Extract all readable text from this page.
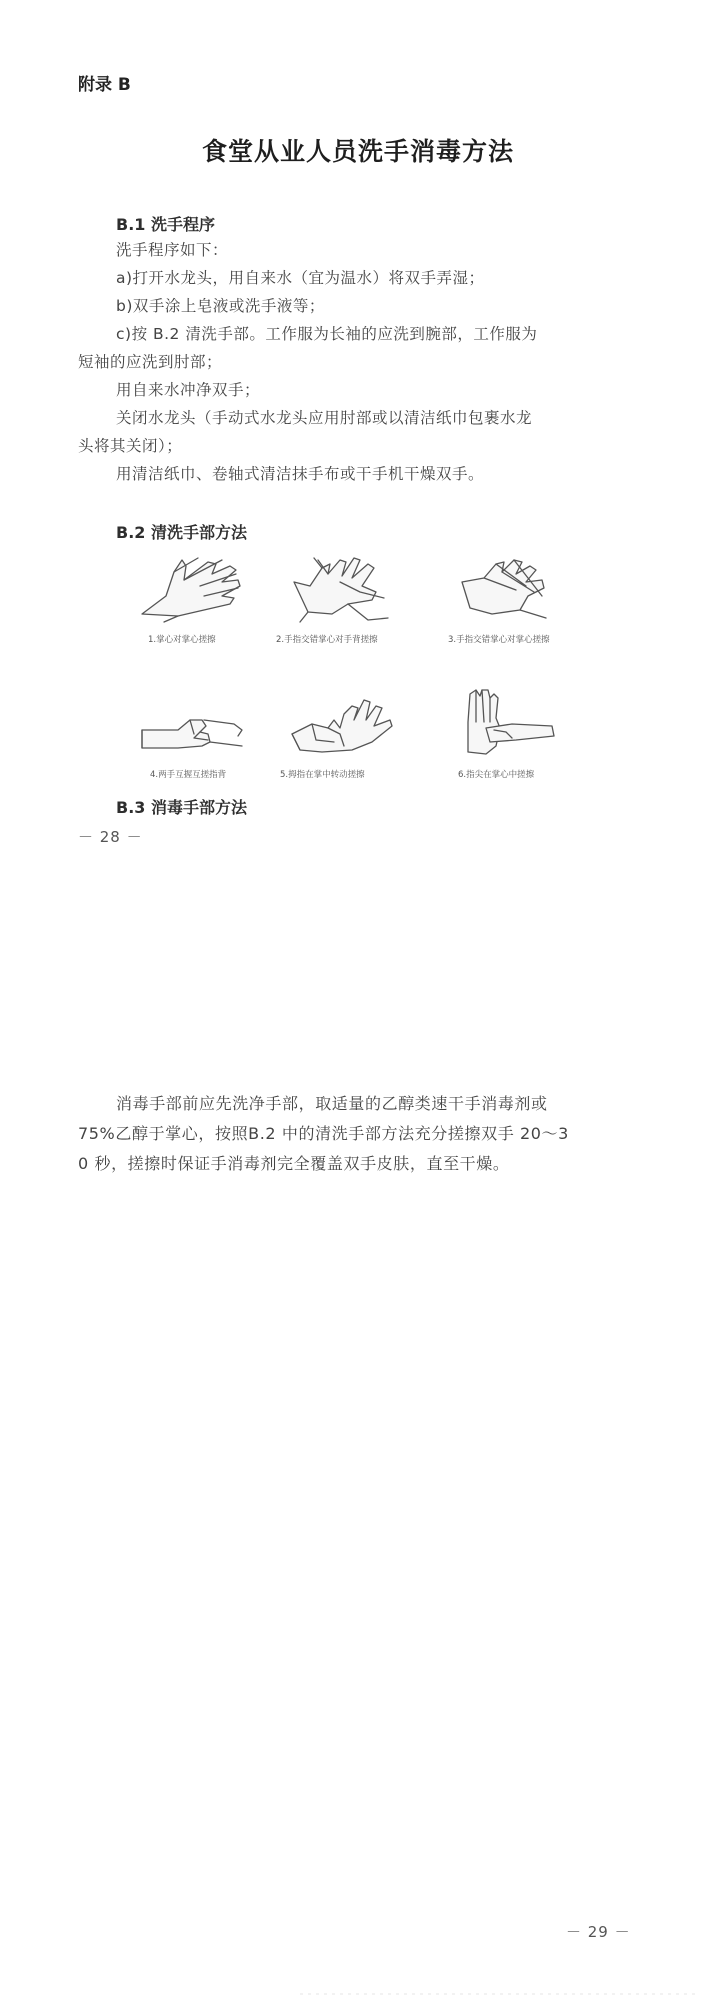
附录 B
食堂从业人员洗手消毒方法
B.1 洗手程序
洗手程序如下：
a)打开水龙头，用自来水（宜为温水）将双手弄湿；
b)双手涂上皂液或洗手液等；
c)按 B.2 清洗手部。工作服为长袖的应洗到腕部，工作服为
短袖的应洗到肘部；
用自来水冲净双手；
关闭水龙头（手动式水龙头应用肘部或以清洁纸巾包裹水龙
头将其关闭）；
用清洁纸巾、卷轴式清洁抹手布或干手机干燥双手。
B.2 清洗手部方法
1.掌心对掌心搓擦	2.手指交错掌心对手背搓擦	3.手指交错掌心对掌心搓擦
4.两手互握互搓指背	5.拇指在掌中转动搓擦	6.指尖在掌心中搓擦
B.3 消毒手部方法
－ 28 －
消毒手部前应先洗净手部，取适量的乙醇类速干手消毒剂或
75%乙醇于掌心，按照B.2 中的清洗手部方法充分搓擦双手 20～3
0 秒，搓擦时保证手消毒剂完全覆盖双手皮肤，直至干燥。
－ 29 －
